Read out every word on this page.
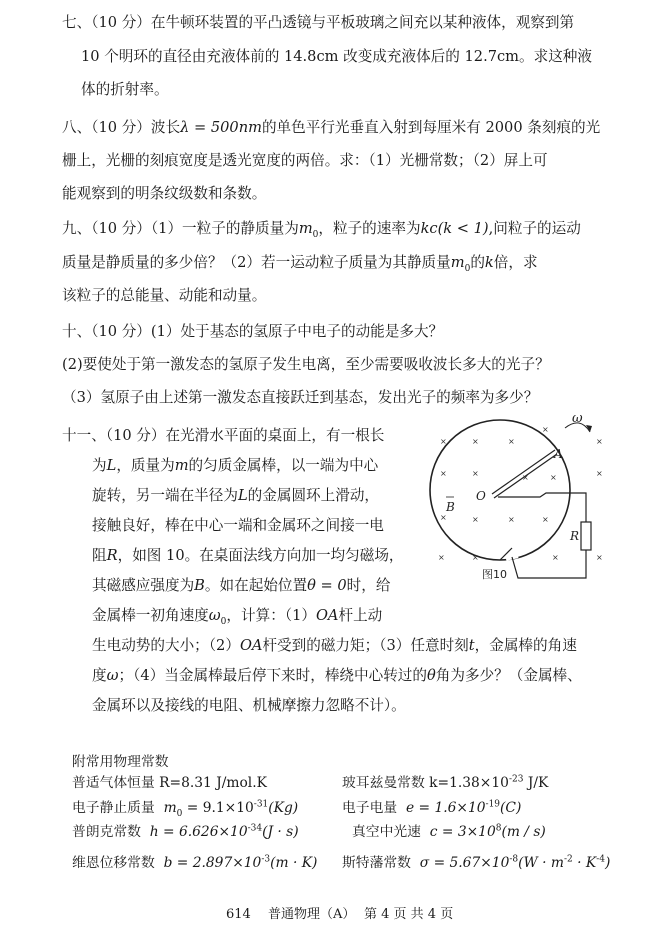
七、（10 分）在牛顿环装置的平凸透镜与平板玻璃之间充以某种液体，观察到第
10 个明环的直径由充液体前的 14.8cm 改变成充液体后的 12.7cm。求这种液
体的折射率。
八、（10 分）波长λ = 500nm的单色平行光垂直入射到每厘米有 2000 条刻痕的光
栅上，光栅的刻痕宽度是透光宽度的两倍。求：（1）光栅常数；（2）屏上可
能观察到的明条纹级数和条数。
九、（10 分）（1）一粒子的静质量为$m_0$，粒子的速率为kc(k < 1),问粒子的运动
质量是静质量的多少倍？（2）若一运动粒子质量为其静质量$m_0$的k倍，求
该粒子的总能量、动能和动量。
十、（10 分）(1）处于基态的氢原子中电子的动能是多大？
(2)要使处于第一激发态的氢原子发生电离，至少需要吸收波长多大的光子？
（3）氢原子由上述第一激发态直接跃迁到基态，发出光子的频率为多少？
十一、（10 分）在光滑水平面的桌面上，有一根长
为L，质量为m的匀质金属棒，以一端为中心
旋转，另一端在半径为L的金属圆环上滑动，
接触良好，棒在中心一端和金属环之间接一电
阻R，如图 10。在桌面法线方向加一均匀磁场，
其磁感应强度为B。如在起始位置θ = 0时，给
金属棒一初角速度$\omega_0$，计算：（1）OA杆上动
生电动势的大小；（2）OA杆受到的磁力矩；（3）任意时刻t，金属棒的角速
度ω；（4）当金属棒最后停下来时，棒绕中心转过的θ角为多少？（金属棒、
金属环以及接线的电阻、机械摩擦力忽略不计）。
×	×	×
×
×
×	×	×	×	×
×	×	×	×
×	×	×	×
ω
A
O
B
R
图10
附常用物理常数
普适气体恒量 R=8.31 J/mol.K	玻耳兹曼常数 $k=1.38\times 10^{-23}$ J/K
电子静止质量 $m_0 = 9.1\times 10^{-31}(Kg)$	电子电量 $e = 1.6\times 10^{-19}(C)$
普朗克常数 $h = 6.626\times 10^{-34}(J \cdot s)$	真空中光速 $c = 3\times 10^8(m / s)$
维恩位移常数 $b = 2.897\times 10^{-3}(m \cdot K)$ 斯特藩常数 $\sigma = 5.67\times 10^{-8}(W \cdot m^{-2} \cdot K^{-4})$
614 普通物理（A） 第 4 页 共 4 页
